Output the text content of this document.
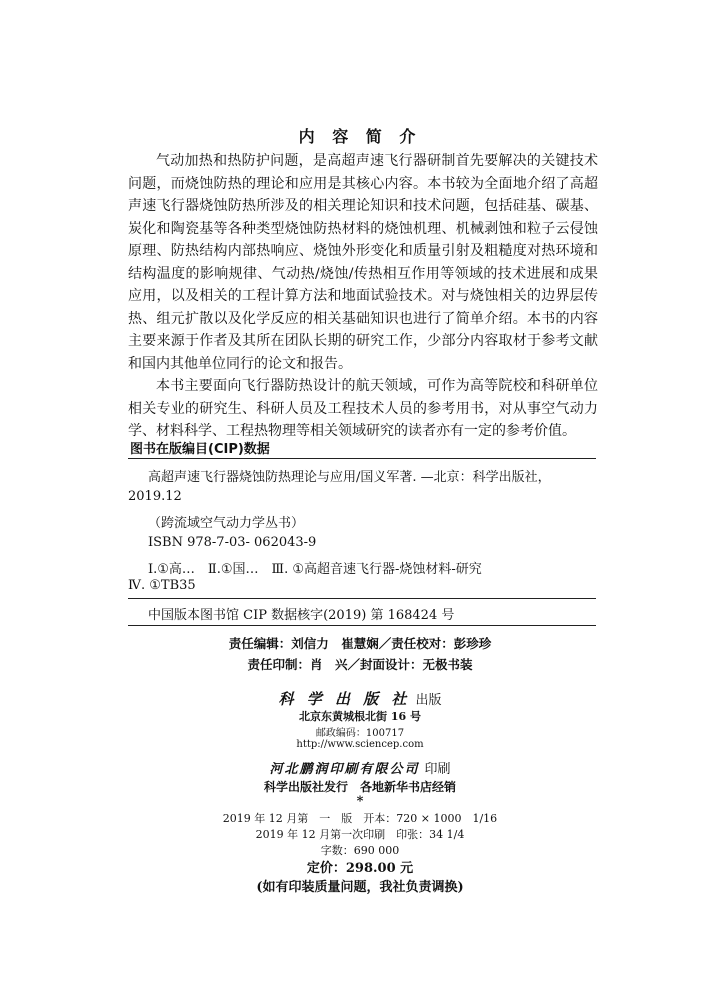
内 容 简 介

气动加热和热防护问题，是高超声速飞行器研制首先要解决的关键技术问题，而烧蚀防热的理论和应用是其核心内容。本书较为全面地介绍了高超声速飞行器烧蚀防热所涉及的相关理论知识和技术问题，包括硅基、碳基、炭化和陶瓷基等各种类型烧蚀防热材料的烧蚀机理、机械剥蚀和粒子云侵蚀原理、防热结构内部热响应、烧蚀外形变化和质量引射及粗糙度对热环境和结构温度的影响规律、气动热/烧蚀/传热相互作用等领域的技术进展和成果应用，以及相关的工程计算方法和地面试验技术。对与烧蚀相关的边界层传热、组元扩散以及化学反应的相关基础知识也进行了简单介绍。本书的内容主要来源于作者及其所在团队长期的研究工作，少部分内容取材于参考文献和国内其他单位同行的论文和报告。

本书主要面向飞行器防热设计的航天领域，可作为高等院校和科研单位相关专业的研究生、科研人员及工程技术人员的参考用书，对从事空气动力学、材料科学、工程热物理等相关领域研究的读者亦有一定的参考价值。

图书在版编目(CIP)数据
高超声速飞行器烧蚀防热理论与应用/国义军著. —北京：科学出版社，
2019.12
（跨流域空气动力学丛书）
ISBN 978-7-03- 062043-9
Ⅰ.①高…　Ⅱ.①国…　Ⅲ. ①高超音速飞行器-烧蚀材料-研究
Ⅳ. ①TB35
中国版本图书馆 CIP 数据核字(2019) 第 168424 号
责任编辑：刘信力　崔慧娴／责任校对：彭珍珍
责任印制：肖　兴／封面设计：无极书装
科 学 出 版 社 出版
北京东黄城根北街 16 号
邮政编码：100717
http://www.sciencep.com
河北鹏润印刷有限公司 印刷
科学出版社发行　各地新华书店经销
*
2019 年 12 月第　一　版　开本：720 × 1000　1/16
2019 年 12 月第一次印刷　印张：34 1/4
字数：690 000
定价：298.00 元
(如有印装质量问题，我社负责调换)
